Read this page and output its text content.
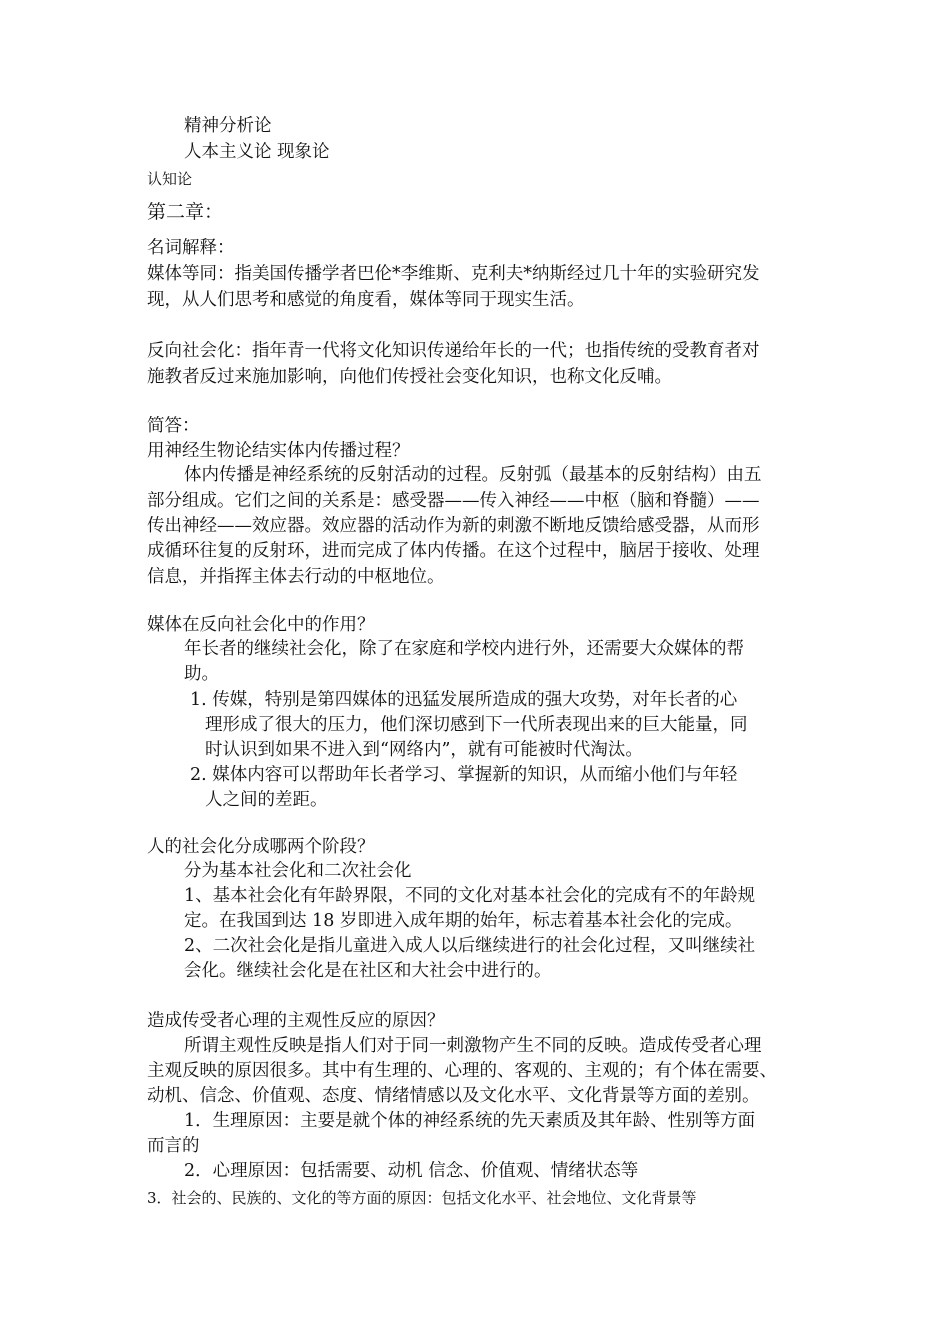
精神分析论
人本主义论 现象论
认知论
第二章：
名词解释：
媒体等同：指美国传播学者巴伦*李维斯、克利夫*纳斯经过几十年的实验研究发
现，从人们思考和感觉的角度看，媒体等同于现实生活。
反向社会化：指年青一代将文化知识传递给年长的一代；也指传统的受教育者对
施教者反过来施加影响，向他们传授社会变化知识，也称文化反哺。
简答：
用神经生物论结实体内传播过程？
体内传播是神经系统的反射活动的过程。反射弧（最基本的反射结构）由五
部分组成。它们之间的关系是：感受器——传入神经——中枢（脑和脊髓）——
传出神经——效应器。效应器的活动作为新的刺激不断地反馈给感受器，从而形
成循环往复的反射环，进而完成了体内传播。在这个过程中，脑居于接收、处理
信息，并指挥主体去行动的中枢地位。
媒体在反向社会化中的作用？
年长者的继续社会化，除了在家庭和学校内进行外，还需要大众媒体的帮
助。
1. 传媒，特别是第四媒体的迅猛发展所造成的强大攻势，对年长者的心
理形成了很大的压力，他们深切感到下一代所表现出来的巨大能量，同
时认识到如果不进入到“网络内”，就有可能被时代淘汰。
2. 媒体内容可以帮助年长者学习、掌握新的知识，从而缩小他们与年轻
人之间的差距。
人的社会化分成哪两个阶段？
分为基本社会化和二次社会化
1、基本社会化有年龄界限，不同的文化对基本社会化的完成有不的年龄规
定。在我国到达 18 岁即进入成年期的始年，标志着基本社会化的完成。
2、二次社会化是指儿童进入成人以后继续进行的社会化过程，又叫继续社
会化。继续社会化是在社区和大社会中进行的。
造成传受者心理的主观性反应的原因？
所谓主观性反映是指人们对于同一刺激物产生不同的反映。造成传受者心理
主观反映的原因很多。其中有生理的、心理的、客观的、主观的；有个体在需要、
动机、信念、价值观、态度、情绪情感以及文化水平、文化背景等方面的差别。
1．生理原因：主要是就个体的神经系统的先天素质及其年龄、性别等方面
而言的
2．心理原因：包括需要、动机 信念、价值观、情绪状态等
3．社会的、民族的、文化的等方面的原因：包括文化水平、社会地位、文化背景等
